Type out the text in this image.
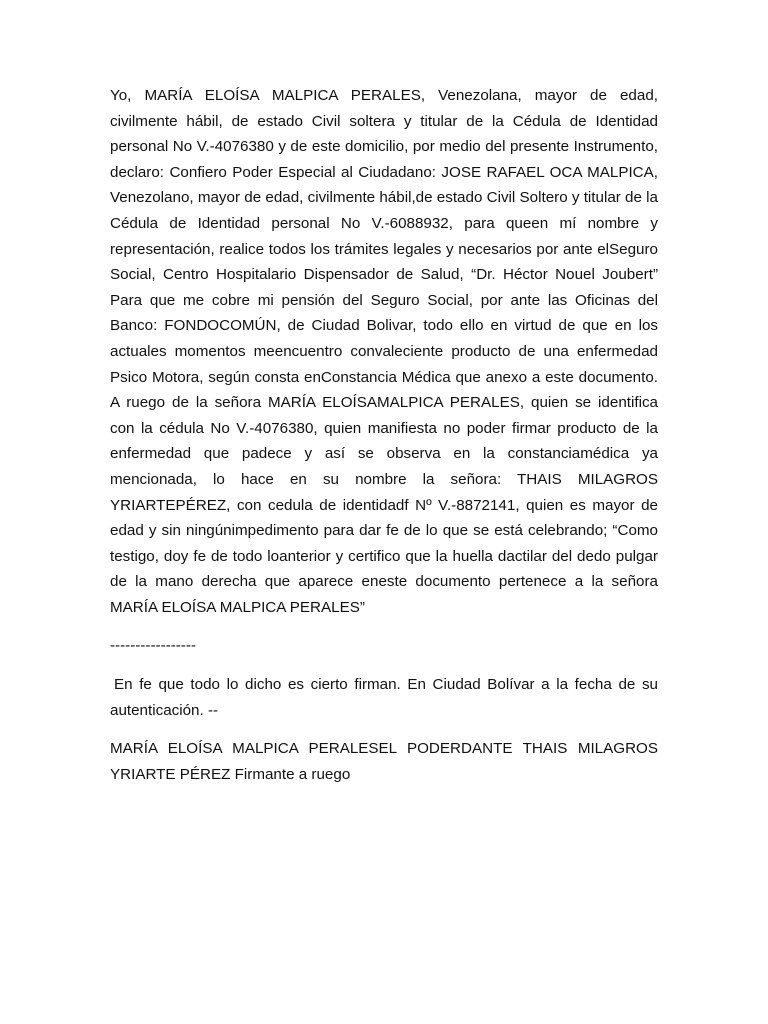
Yo, MARÍA ELOÍSA MALPICA PERALES, Venezolana, mayor de edad, civilmente hábil, de estado Civil soltera y titular de la Cédula de Identidad personal No V.-4076380 y de este domicilio, por medio del presente Instrumento, declaro: Confiero Poder Especial al Ciudadano: JOSE RAFAEL OCA MALPICA, Venezolano, mayor de edad, civilmente hábil,de estado Civil Soltero y titular de la Cédula de Identidad personal No V.-6088932, para queen mí nombre y representación, realice todos los trámites legales y necesarios por ante elSeguro Social, Centro Hospitalario Dispensador de Salud, “Dr. Héctor Nouel Joubert” Para que me cobre mi pensión del Seguro Social, por ante las Oficinas del Banco: FONDOCOMÚN, de Ciudad Bolivar, todo ello en virtud de que en los actuales momentos meencuentro convaleciente producto de una enfermedad Psico Motora, según consta enConstancia Médica que anexo a este documento. A ruego de la señora MARÍA ELOÍSAMALPICA PERALES, quien se identifica con la cédula No V.-4076380, quien manifiesta no poder firmar producto de la enfermedad que padece y así se observa en la constanciamédica ya mencionada, lo hace en su nombre la señora: THAIS MILAGROS YRIARTEPÉREZ, con cedula de identidadf Nº V.-8872141, quien es mayor de edad y sin ningúnimpedimento para dar fe de lo que se está celebrando; “Como testigo, doy fe de todo loanterior y certifico que la huella dactilar del dedo pulgar de la mano derecha que aparece eneste documento pertenece a la señora MARÍA ELOÍSA MALPICA PERALES”

-----------------

En fe que todo lo dicho es cierto firman. En Ciudad Bolívar a la fecha de su autenticación. --

MARÍA ELOÍSA MALPICA PERALESEL PODERDANTE THAIS MILAGROS YRIARTE PÉREZ Firmante a ruego
